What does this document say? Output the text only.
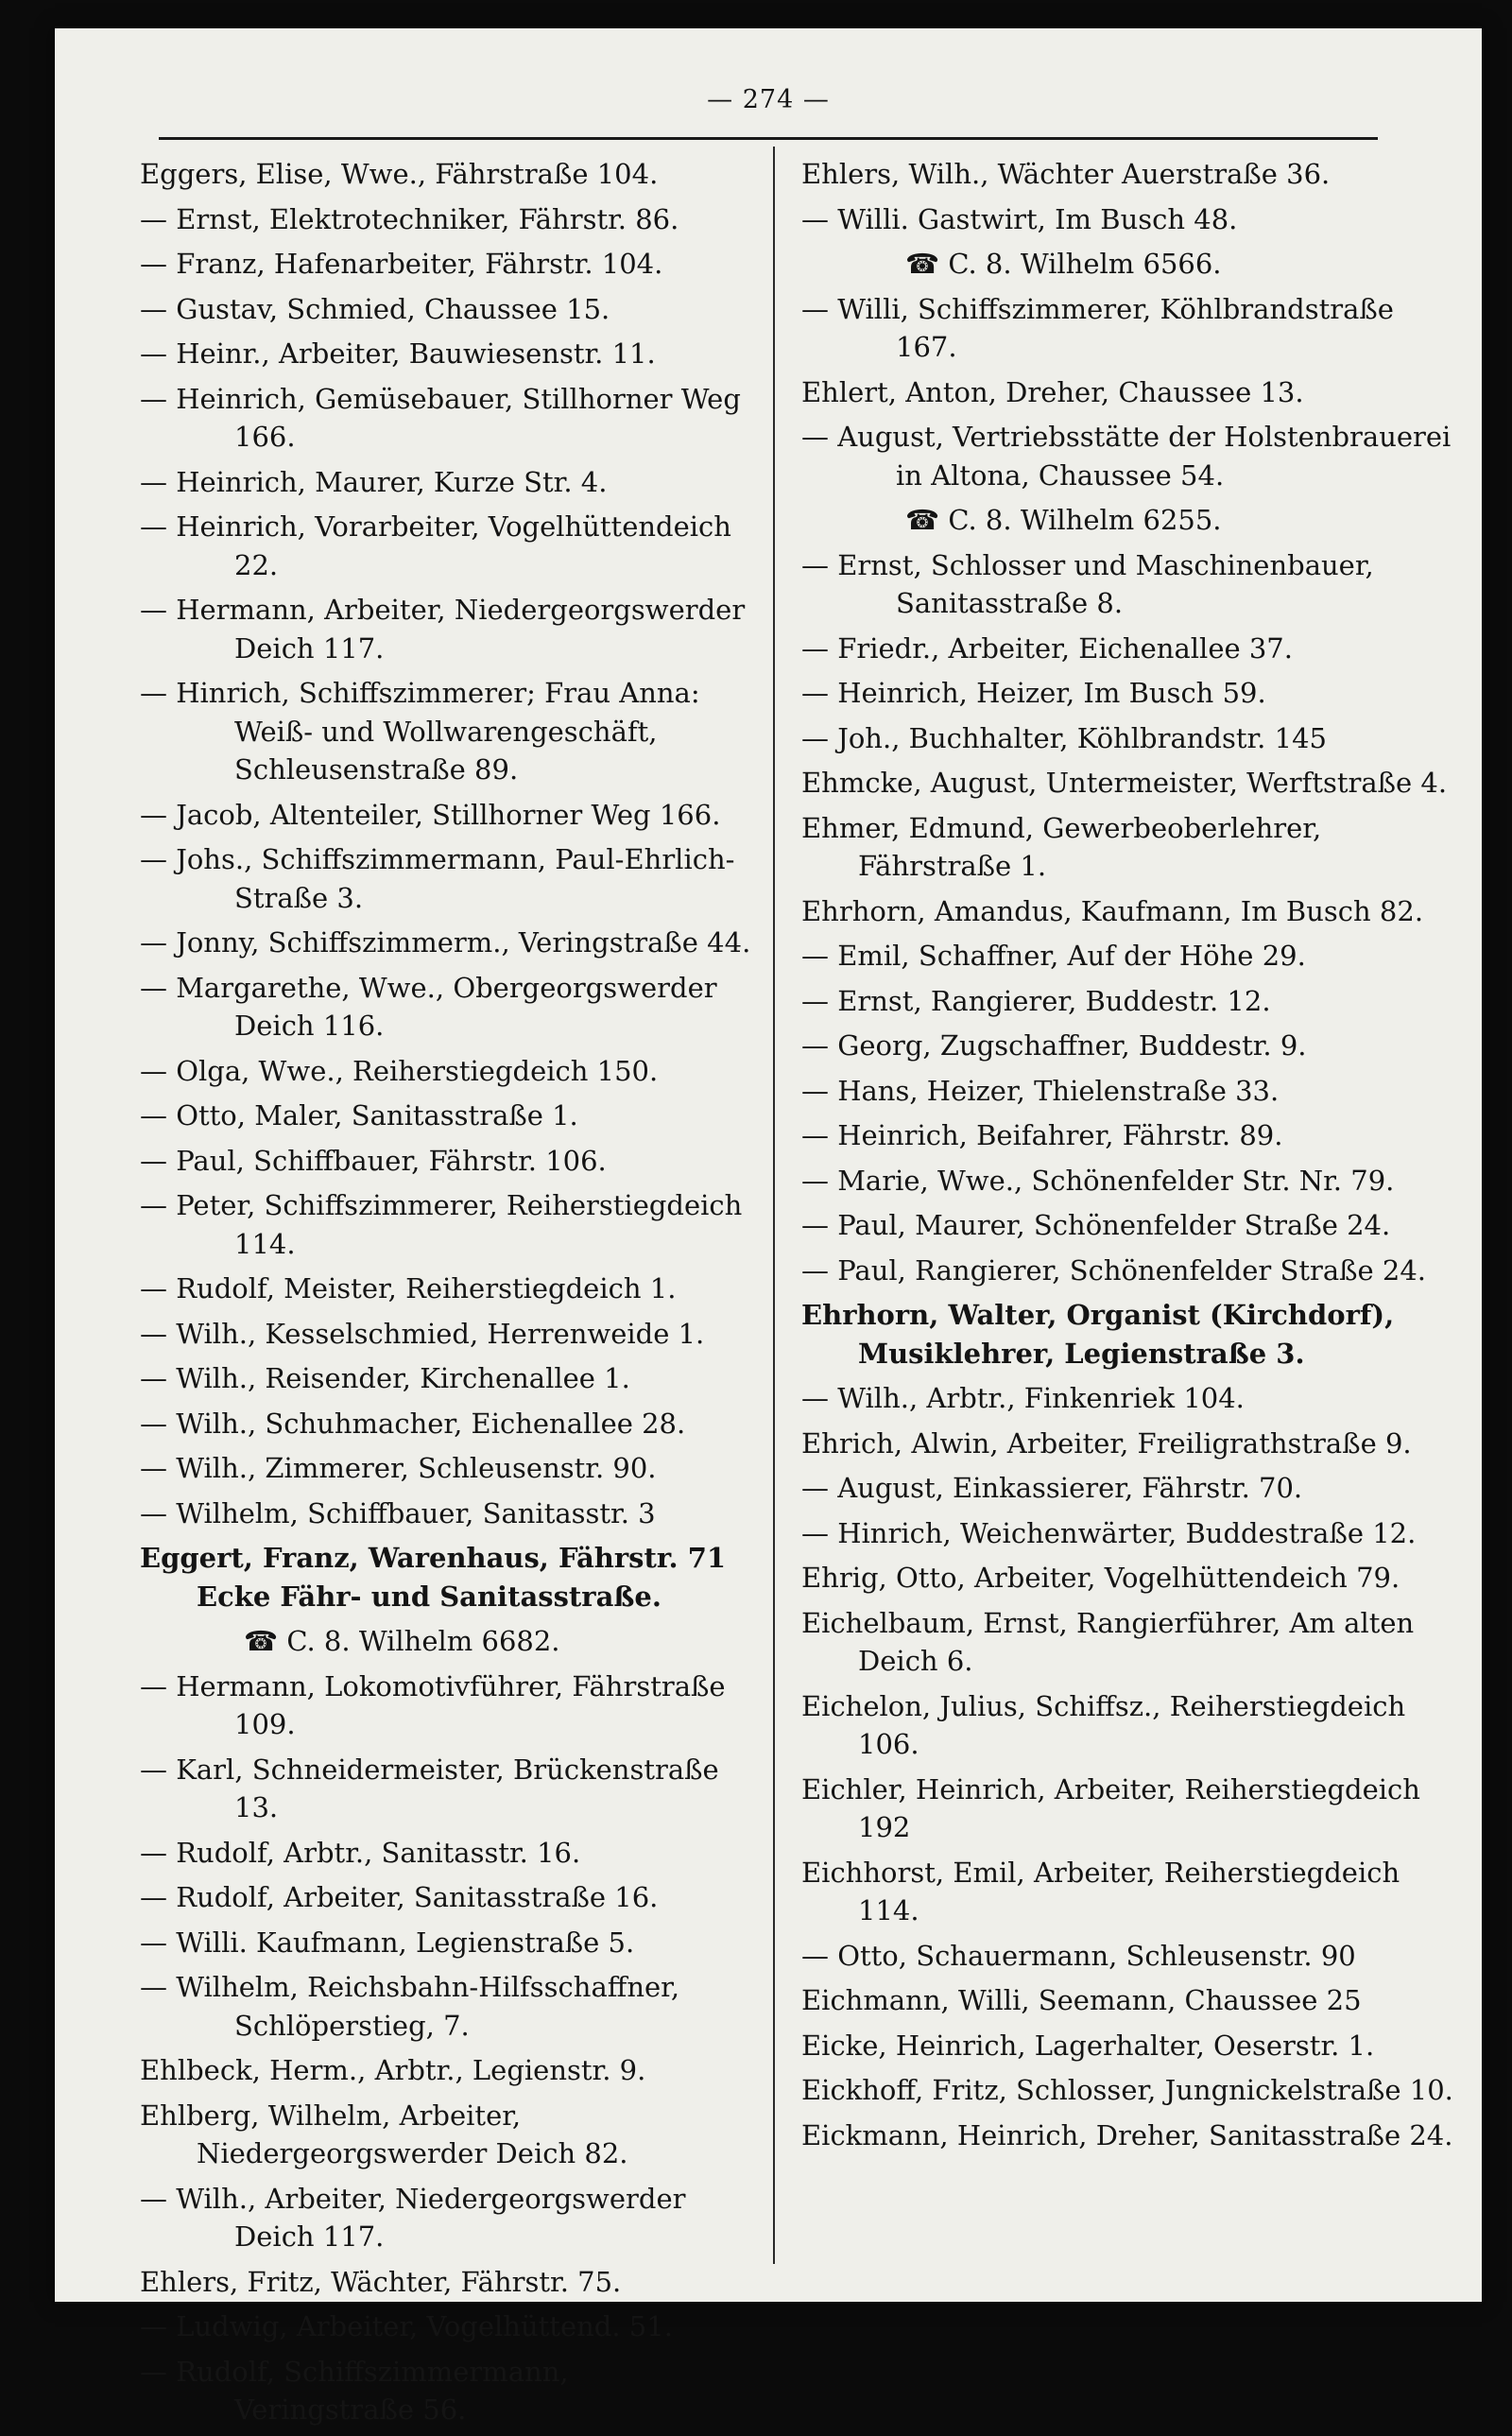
— 274 —
Eggers, Elise, Wwe., Fährstraße 104.
— Ernst, Elektrotechniker, Fährstr. 86.
— Franz, Hafenarbeiter, Fährstr. 104.
— Gustav, Schmied, Chaussee 15.
— Heinr., Arbeiter, Bauwiesenstr. 11.
— Heinrich, Gemüsebauer, Stillhorner Weg 166.
— Heinrich, Maurer, Kurze Str. 4.
— Heinrich, Vorarbeiter, Vogelhüttendeich 22.
— Hermann, Arbeiter, Niedergeorgswerder Deich 117.
— Hinrich, Schiffszimmerer; Frau Anna: Weiß- und Wollwarengeschäft, Schleusenstraße 89.
— Jacob, Altenteiler, Stillhorner Weg 166.
— Johs., Schiffszimmermann, Paul-Ehrlich-Straße 3.
— Jonny, Schiffszimmerm., Veringstraße 44.
— Margarethe, Wwe., Obergeorgswerder Deich 116.
— Olga, Wwe., Reiherstiegdeich 150.
— Otto, Maler, Sanitasstraße 1.
— Paul, Schiffbauer, Fährstr. 106.
— Peter, Schiffszimmerer, Reiherstiegdeich 114.
— Rudolf, Meister, Reiherstiegdeich 1.
— Wilh., Kesselschmied, Herrenweide 1.
— Wilh., Reisender, Kirchenallee 1.
— Wilh., Schuhmacher, Eichenallee 28.
— Wilh., Zimmerer, Schleusenstr. 90.
— Wilhelm, Schiffbauer, Sanitasstr. 3
Eggert, Franz, Warenhaus, Fährstr. 71 Ecke Fähr- und Sanitasstraße.
☎ C. 8. Wilhelm 6682.
— Hermann, Lokomotivführer, Fährstraße 109.
— Karl, Schneidermeister, Brückenstraße 13.
— Rudolf, Arbtr., Sanitasstr. 16.
— Rudolf, Arbeiter, Sanitasstraße 16.
— Willi. Kaufmann, Legienstraße 5.
— Wilhelm, Reichsbahn-Hilfsschaffner, Schlöperstieg, 7.
Ehlbeck, Herm., Arbtr., Legienstr. 9.
Ehlberg, Wilhelm, Arbeiter, Niedergeorgswerder Deich 82.
— Wilh., Arbeiter, Niedergeorgswerder Deich 117.
Ehlers, Fritz, Wächter, Fährstr. 75.
— Ludwig, Arbeiter, Vogelhüttend. 51.
— Rudolf, Schiffszimmermann, Veringstraße 56.
Ehlers, Wilh., Wächter Auerstraße 36.
— Willi. Gastwirt, Im Busch 48.
☎ C. 8. Wilhelm 6566.
— Willi, Schiffszimmerer, Köhlbrandstraße 167.
Ehlert, Anton, Dreher, Chaussee 13.
— August, Vertriebsstätte der Holstenbrauerei in Altona, Chaussee 54.
☎ C. 8. Wilhelm 6255.
— Ernst, Schlosser und Maschinenbauer, Sanitasstraße 8.
— Friedr., Arbeiter, Eichenallee 37.
— Heinrich, Heizer, Im Busch 59.
— Joh., Buchhalter, Köhlbrandstr. 145
Ehmcke, August, Untermeister, Werftstraße 4.
Ehmer, Edmund, Gewerbeoberlehrer, Fährstraße 1.
Ehrhorn, Amandus, Kaufmann, Im Busch 82.
— Emil, Schaffner, Auf der Höhe 29.
— Ernst, Rangierer, Buddestr. 12.
— Georg, Zugschaffner, Buddestr. 9.
— Hans, Heizer, Thielenstraße 33.
— Heinrich, Beifahrer, Fährstr. 89.
— Marie, Wwe., Schönenfelder Str. Nr. 79.
— Paul, Maurer, Schönenfelder Straße 24.
— Paul, Rangierer, Schönenfelder Straße 24.
Ehrhorn, Walter, Organist (Kirchdorf), Musiklehrer, Legienstraße 3.
— Wilh., Arbtr., Finkenriek 104.
Ehrich, Alwin, Arbeiter, Freiligrathstraße 9.
— August, Einkassierer, Fährstr. 70.
— Hinrich, Weichenwärter, Buddestraße 12.
Ehrig, Otto, Arbeiter, Vogelhüttendeich 79.
Eichelbaum, Ernst, Rangierführer, Am alten Deich 6.
Eichelon, Julius, Schiffsz., Reiherstiegdeich 106.
Eichler, Heinrich, Arbeiter, Reiherstiegdeich 192
Eichhorst, Emil, Arbeiter, Reiherstiegdeich 114.
— Otto, Schauermann, Schleusenstr. 90
Eichmann, Willi, Seemann, Chaussee 25
Eicke, Heinrich, Lagerhalter, Oeserstr. 1.
Eickhoff, Fritz, Schlosser, Jungnickelstraße 10.
Eickmann, Heinrich, Dreher, Sanitasstraße 24.
